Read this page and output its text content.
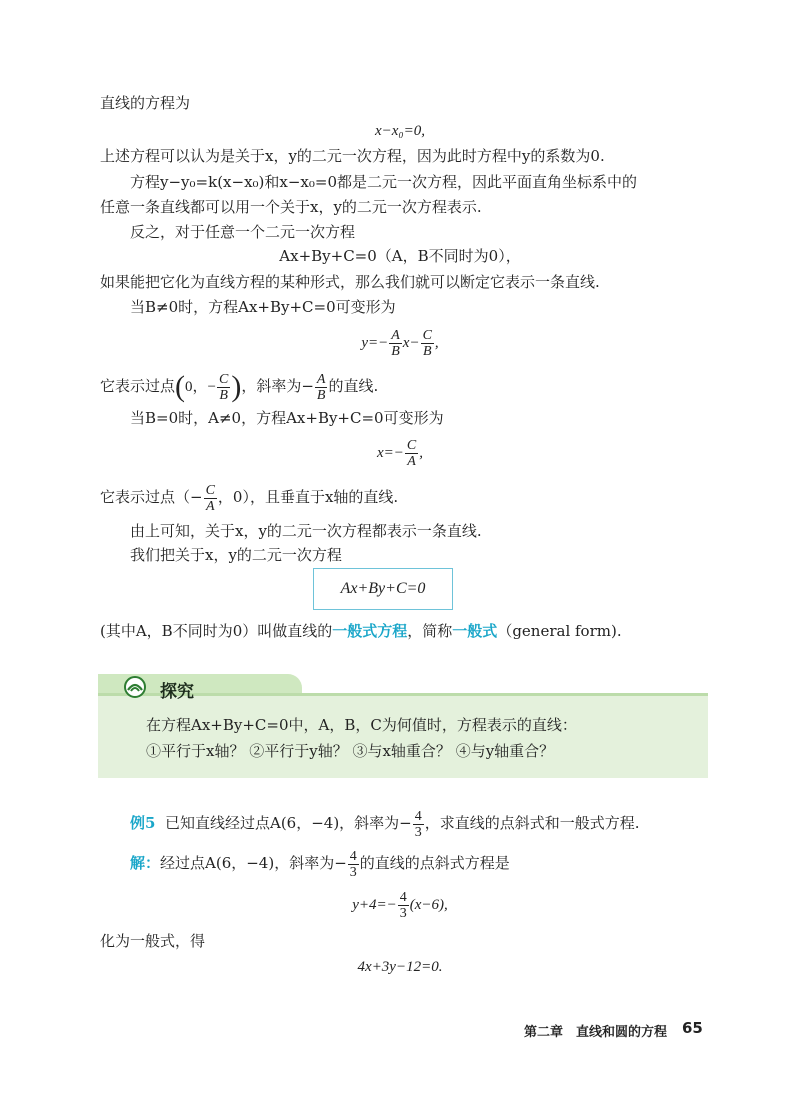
直线的方程为
x−x₀=0,
上述方程可以认为是关于x，y的二元一次方程，因为此时方程中y的系数为0.
方程y−y₀=k(x−x₀)和x−x₀=0都是二元一次方程，因此平面直角坐标系中的
任意一条直线都可以用一个关于x，y的二元一次方程表示.
反之，对于任意一个二元一次方程
Ax+By+C=0（A，B不同时为0），
如果能把它化为直线方程的某种形式，那么我们就可以断定它表示一条直线.
当B≠0时，方程Ax+By+C=0可变形为
$y=- \frac{A}{B} x- \frac{C}{B}$ ,
它表示过点(0，− $\frac{C}{B}$ )，斜率为− $\frac{A}{B}$ 的直线.
当B=0时，A≠0，方程Ax+By+C=0可变形为
$x=- \frac{C}{A}$ ,
它表示过点（− $\frac{C}{A}$ ，0），且垂直于x轴的直线.
由上可知，关于x，y的二元一次方程都表示一条直线.
我们把关于x，y的二元一次方程
Ax+By+C=0
(其中A，B不同时为0）叫做直线的一般式方程，简称一般式（general form).
探究
在方程Ax+By+C=0中，A，B，C为何值时，方程表示的直线：
①平行于x轴？ ②平行于y轴？ ③与x轴重合？ ④与y轴重合？
例5 已知直线经过点A(6，−4)，斜率为− $\frac{4}{3}$ ，求直线的点斜式和一般式方程.
解：经过点A(6，−4)，斜率为− $\frac{4}{3}$ 的直线的点斜式方程是
$y+4=- \frac{4}{3} (x-6)$,
化为一般式，得
4x+3y−12=0.
第二章　直线和圆的方程 65
